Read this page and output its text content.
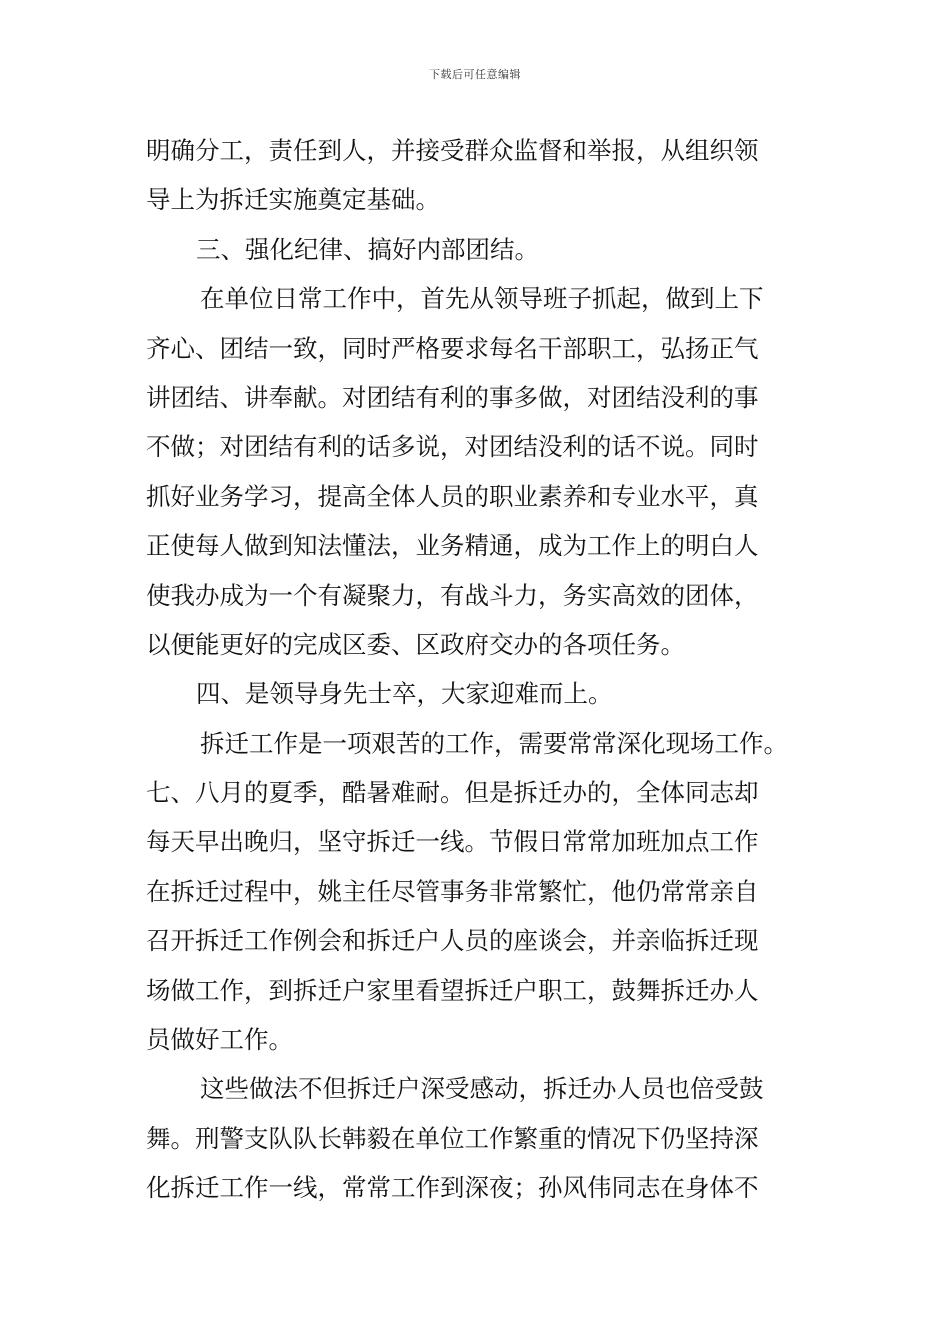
下载后可任意编辑
明确分工，责任到人，并接受群众监督和举报，从组织领
导上为拆迁实施奠定基础。
三、强化纪律、搞好内部团结。
在单位日常工作中，首先从领导班子抓起，做到上下
齐心、团结一致，同时严格要求每名干部职工，弘扬正气
讲团结、讲奉献。对团结有利的事多做，对团结没利的事
不做；对团结有利的话多说，对团结没利的话不说。同时
抓好业务学习，提高全体人员的职业素养和专业水平，真
正使每人做到知法懂法，业务精通，成为工作上的明白人
使我办成为一个有凝聚力，有战斗力，务实高效的团体，
以便能更好的完成区委、区政府交办的各项任务。
四、是领导身先士卒，大家迎难而上。
拆迁工作是一项艰苦的工作，需要常常深化现场工作。
七、八月的夏季，酷暑难耐。但是拆迁办的，全体同志却
每天早出晚归，坚守拆迁一线。节假日常常加班加点工作
在拆迁过程中，姚主任尽管事务非常繁忙，他仍常常亲自
召开拆迁工作例会和拆迁户人员的座谈会，并亲临拆迁现
场做工作，到拆迁户家里看望拆迁户职工，鼓舞拆迁办人
员做好工作。
这些做法不但拆迁户深受感动，拆迁办人员也倍受鼓
舞。刑警支队队长韩毅在单位工作繁重的情况下仍坚持深
化拆迁工作一线，常常工作到深夜；孙风伟同志在身体不
